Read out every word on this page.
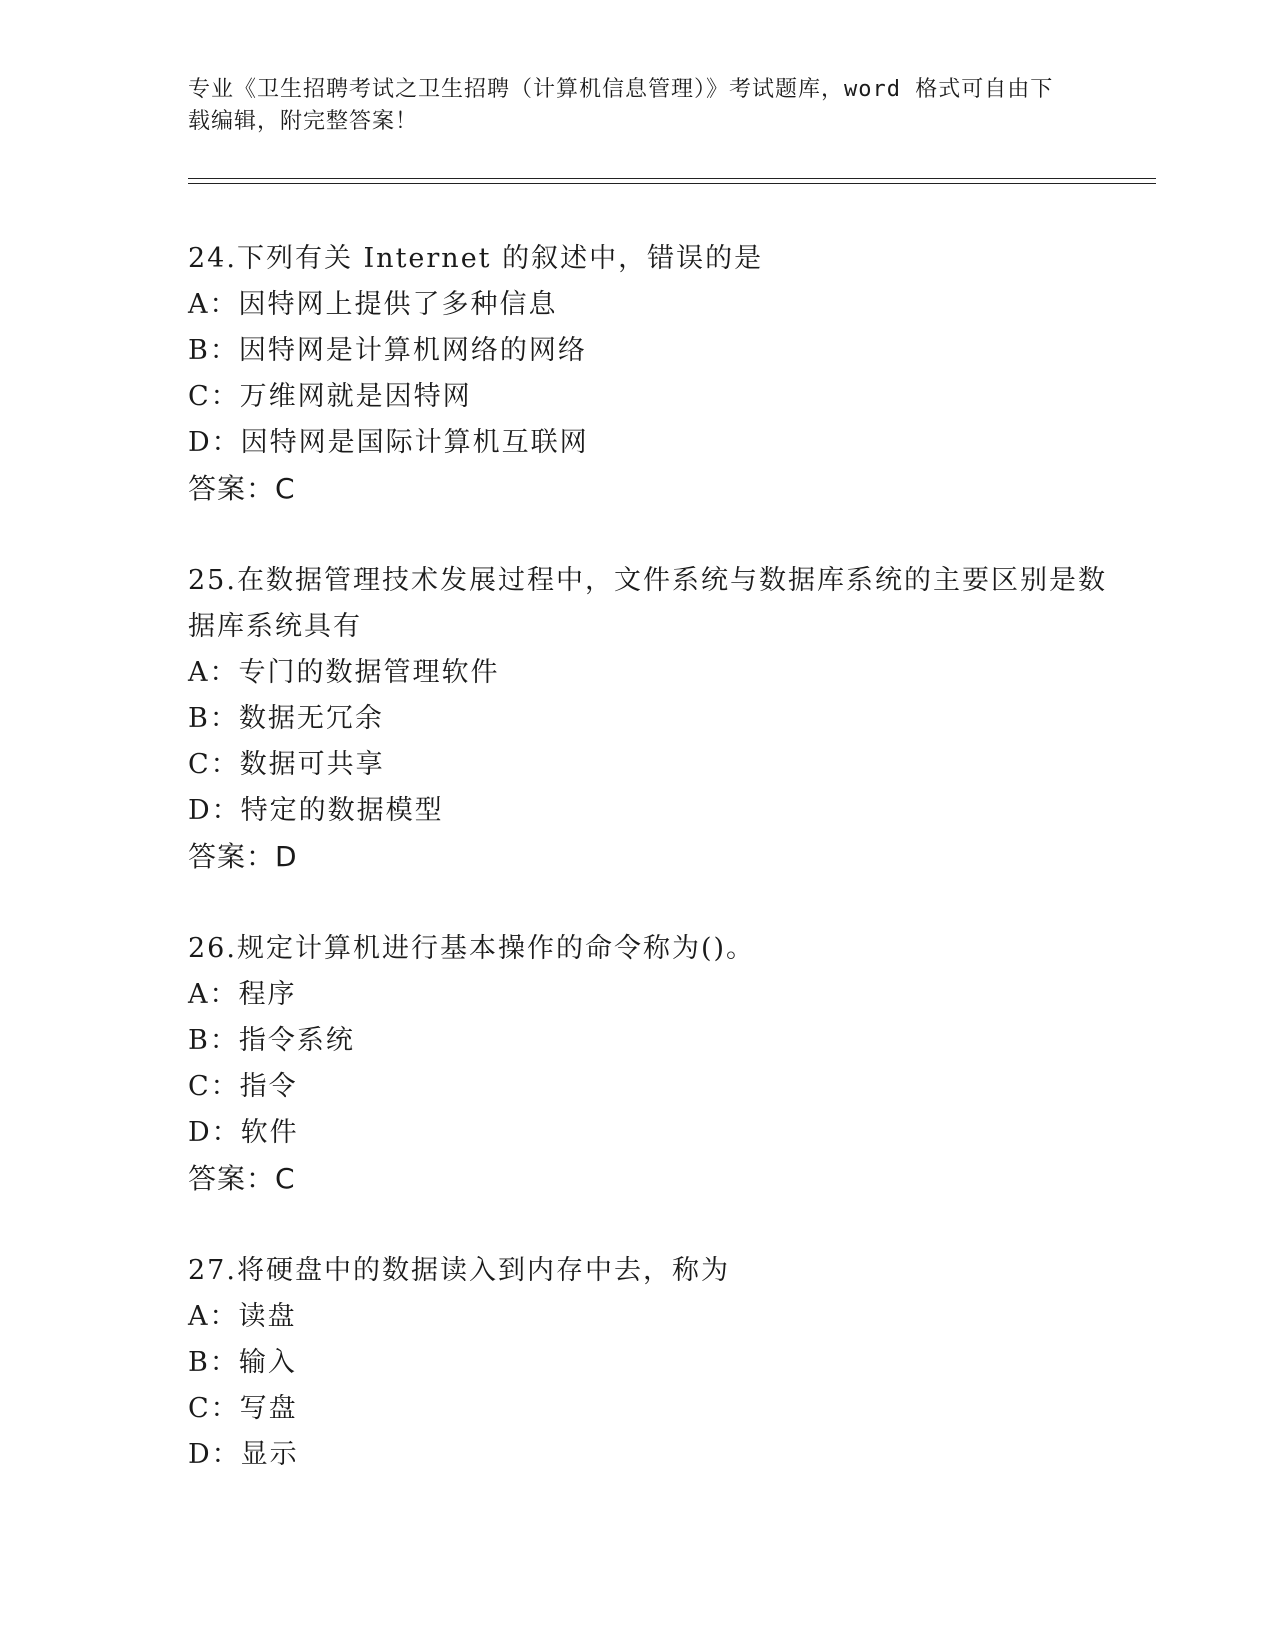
专业《卫生招聘考试之卫生招聘（计算机信息管理）》考试题库，word 格式可自由下载编辑，附完整答案！
24.下列有关 Internet 的叙述中，错误的是
A：因特网上提供了多种信息
B：因特网是计算机网络的网络
C：万维网就是因特网
D：因特网是国际计算机互联网
答案：C
25.在数据管理技术发展过程中，文件系统与数据库系统的主要区别是数据库系统具有
A：专门的数据管理软件
B：数据无冗余
C：数据可共享
D：特定的数据模型
答案：D
26.规定计算机进行基本操作的命令称为()。
A：程序
B：指令系统
C：指令
D：软件
答案：C
27.将硬盘中的数据读入到内存中去，称为
A：读盘
B：输入
C：写盘
D：显示
